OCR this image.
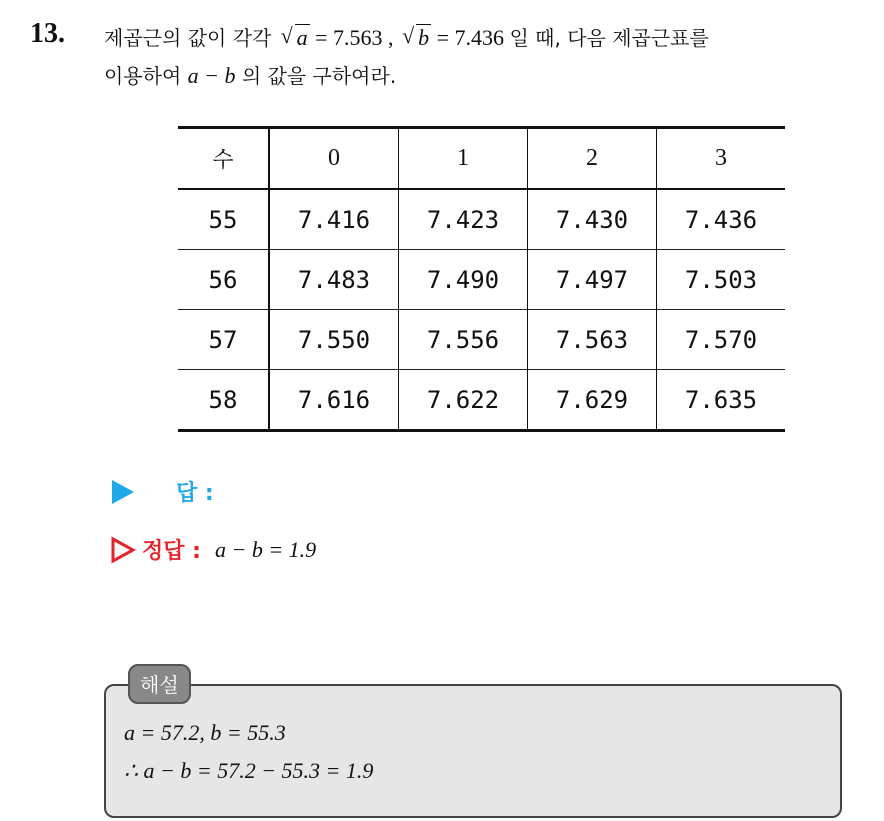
13. 제곱근의 값이 각각 √ a = 7.563 , √ b = 7.436 일 때, 다음 제곱근표를
이용하여 a − b 의 값을 구하여라.
수	0	1	2	3
55	7.416	7.423	7.430	7.436
56	7.483	7.490	7.497	7.503
57	7.550	7.556	7.563	7.570
58	7.616	7.622	7.629	7.635
답 :
정답 : a − b = 1.9
해설
a = 57.2, b = 55.3
∴ a − b = 57.2 − 55.3 = 1.9
